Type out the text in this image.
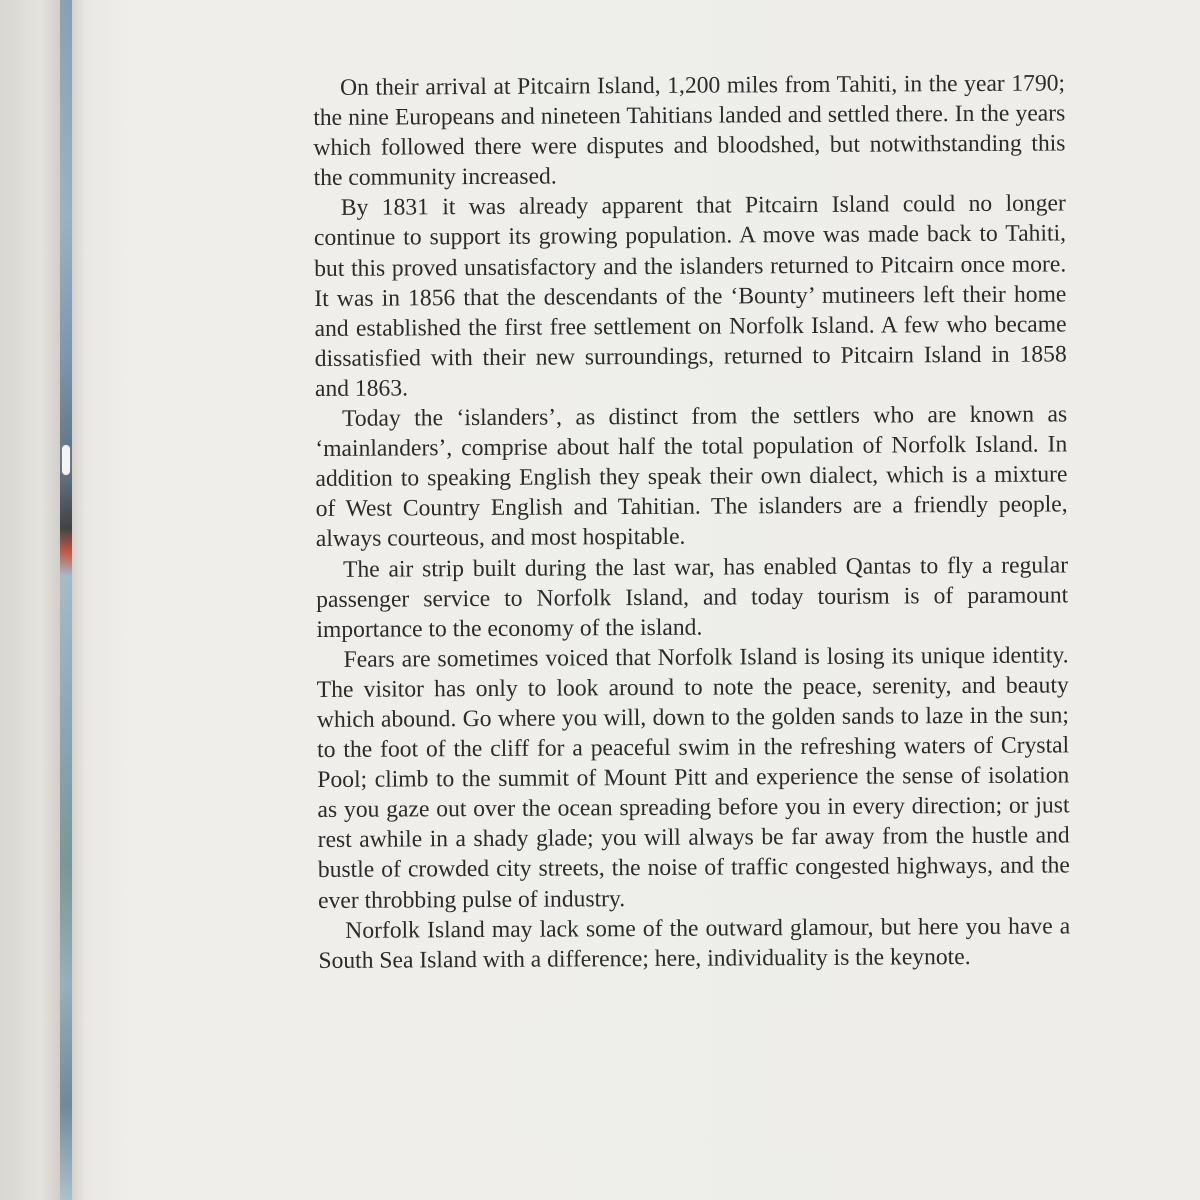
On their arrival at Pitcairn Island, 1,200 miles from Tahiti, in the year 1790; the nine Europeans and nineteen Tahitians landed and settled there. In the years which followed there were disputes and bloodshed, but notwithstanding this the community increased.

By 1831 it was already apparent that Pitcairn Island could no longer continue to support its growing population. A move was made back to Tahiti, but this proved unsatisfactory and the islanders returned to Pitcairn once more. It was in 1856 that the descendants of the ‘Bounty’ mutineers left their home and established the first free settlement on Norfolk Island. A few who became dissatisfied with their new surroundings, returned to Pitcairn Island in 1858 and 1863.

Today the ‘islanders’, as distinct from the settlers who are known as ‘mainlanders’, comprise about half the total population of Norfolk Island. In addition to speaking English they speak their own dialect, which is a mixture of West Country English and Tahitian. The islanders are a friendly people, always courteous, and most hospitable.

The air strip built during the last war, has enabled Qantas to fly a regular passenger service to Norfolk Island, and today tourism is of paramount importance to the economy of the island.

Fears are sometimes voiced that Norfolk Island is losing its unique identity. The visitor has only to look around to note the peace, serenity, and beauty which abound. Go where you will, down to the golden sands to laze in the sun; to the foot of the cliff for a peaceful swim in the refreshing waters of Crystal Pool; climb to the summit of Mount Pitt and experience the sense of isolation as you gaze out over the ocean spreading before you in every direction; or just rest awhile in a shady glade; you will always be far away from the hustle and bustle of crowded city streets, the noise of traffic congested highways, and the ever throbbing pulse of industry.

Norfolk Island may lack some of the outward glamour, but here you have a South Sea Island with a difference; here, individuality is the keynote.
